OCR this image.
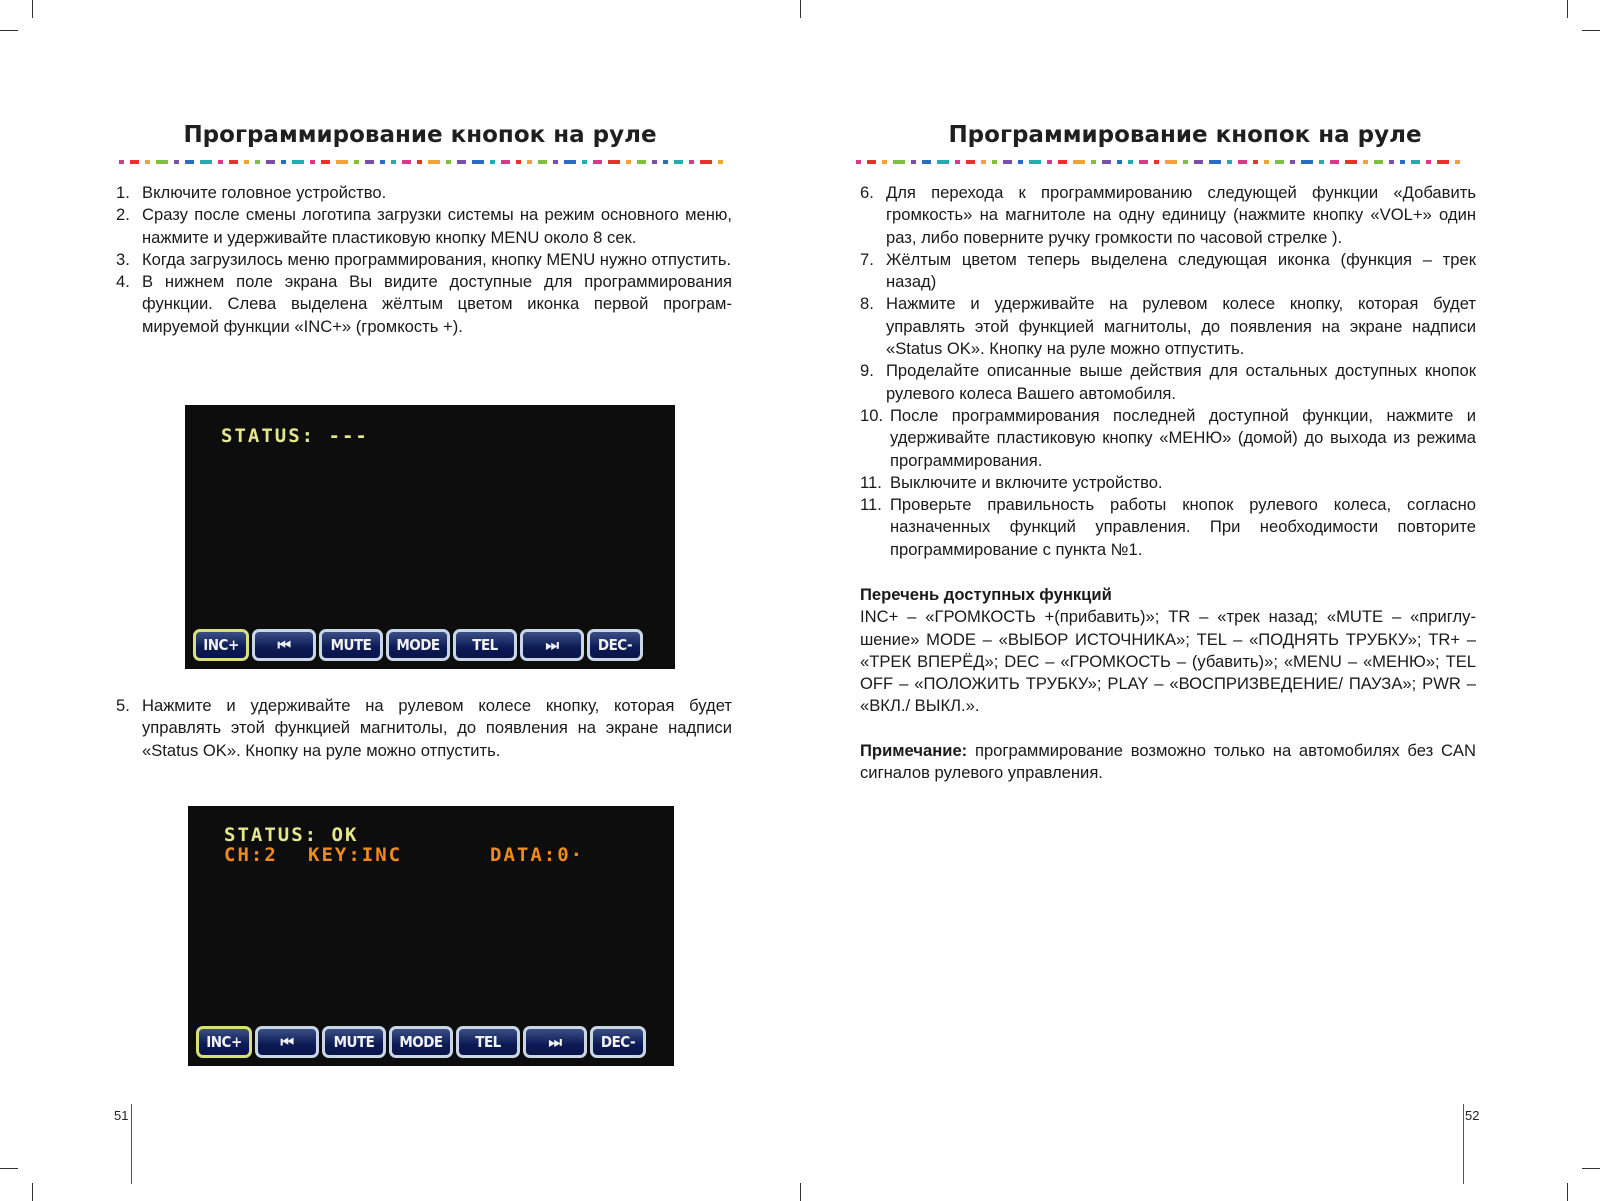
Программирование кнопок на руле
1. Включите головное устройство.
2. Сразу после смены логотипа загрузки системы на режим основного меню, нажмите и удерживайте пластиковую кнопку MENU около 8 сек.
3. Когда загрузилось меню программирования, кнопку MENU нужно отпустить.
4. В нижнем поле экрана Вы видите доступные для программирования функции. Слева выделена жёлтым цветом иконка первой программируемой функции «INC+» (громкость +).
STATUS: ---
INC+	⏮	MUTE	MODE	TEL	⏭	DEC-
5. Нажмите и удерживайте на рулевом колесе кнопку, которая будет управлять этой функцией магнитолы, до появления на экране надписи «Status OK». Кнопку на руле можно отпустить.
STATUS: OK
CH:2 KEY:INC	DATA:0·
INC+	⏮	MUTE	MODE	TEL	⏭	DEC-
51
Программирование кнопок на руле
6. Для перехода к программированию следующей функции «Добавить громкость» на магнитоле на одну единицу (нажмите кнопку «VOL+» один раз, либо поверните ручку громкости по часовой стрелке ).
7. Жёлтым цветом теперь выделена следующая иконка (функция – трек назад)
8. Нажмите и удерживайте на рулевом колесе кнопку, которая будет управлять этой функцией магнитолы, до появления на экране надписи «Status OK». Кнопку на руле можно отпустить.
9. Проделайте описанные выше действия для остальных доступных кнопок рулевого колеса Вашего автомобиля.
10. После программирования последней доступной функции, нажмите и удерживайте пластиковую кнопку «МЕНЮ» (домой) до выхода из режима программирования.
11. Выключите и включите устройство.
11. Проверьте правильность работы кнопок рулевого колеса, согласно назначенных функций управления. При необходимости повторите программирование с пункта №1.

Перечень доступных функций

INC+ – «ГРОМКОСТЬ +(прибавить)»; TR – «трек назад; «MUTE – «приглушение» MODE – «ВЫБОР ИСТОЧНИКА»; TEL – «ПОДНЯТЬ ТРУБКУ»; TR+ – «ТРЕК ВПЕРЁД»; DEC – «ГРОМКОСТЬ – (убавить)»; «MENU – «МЕНЮ»; TEL OFF – «ПОЛОЖИТЬ ТРУБКУ»; PLAY – «ВОСПРИЗВЕДЕНИЕ/ ПАУЗА»; PWR – «ВКЛ./ ВЫКЛ.».

Примечание: программирование возможно только на автомобилях без CAN сигналов рулевого управления.

52
